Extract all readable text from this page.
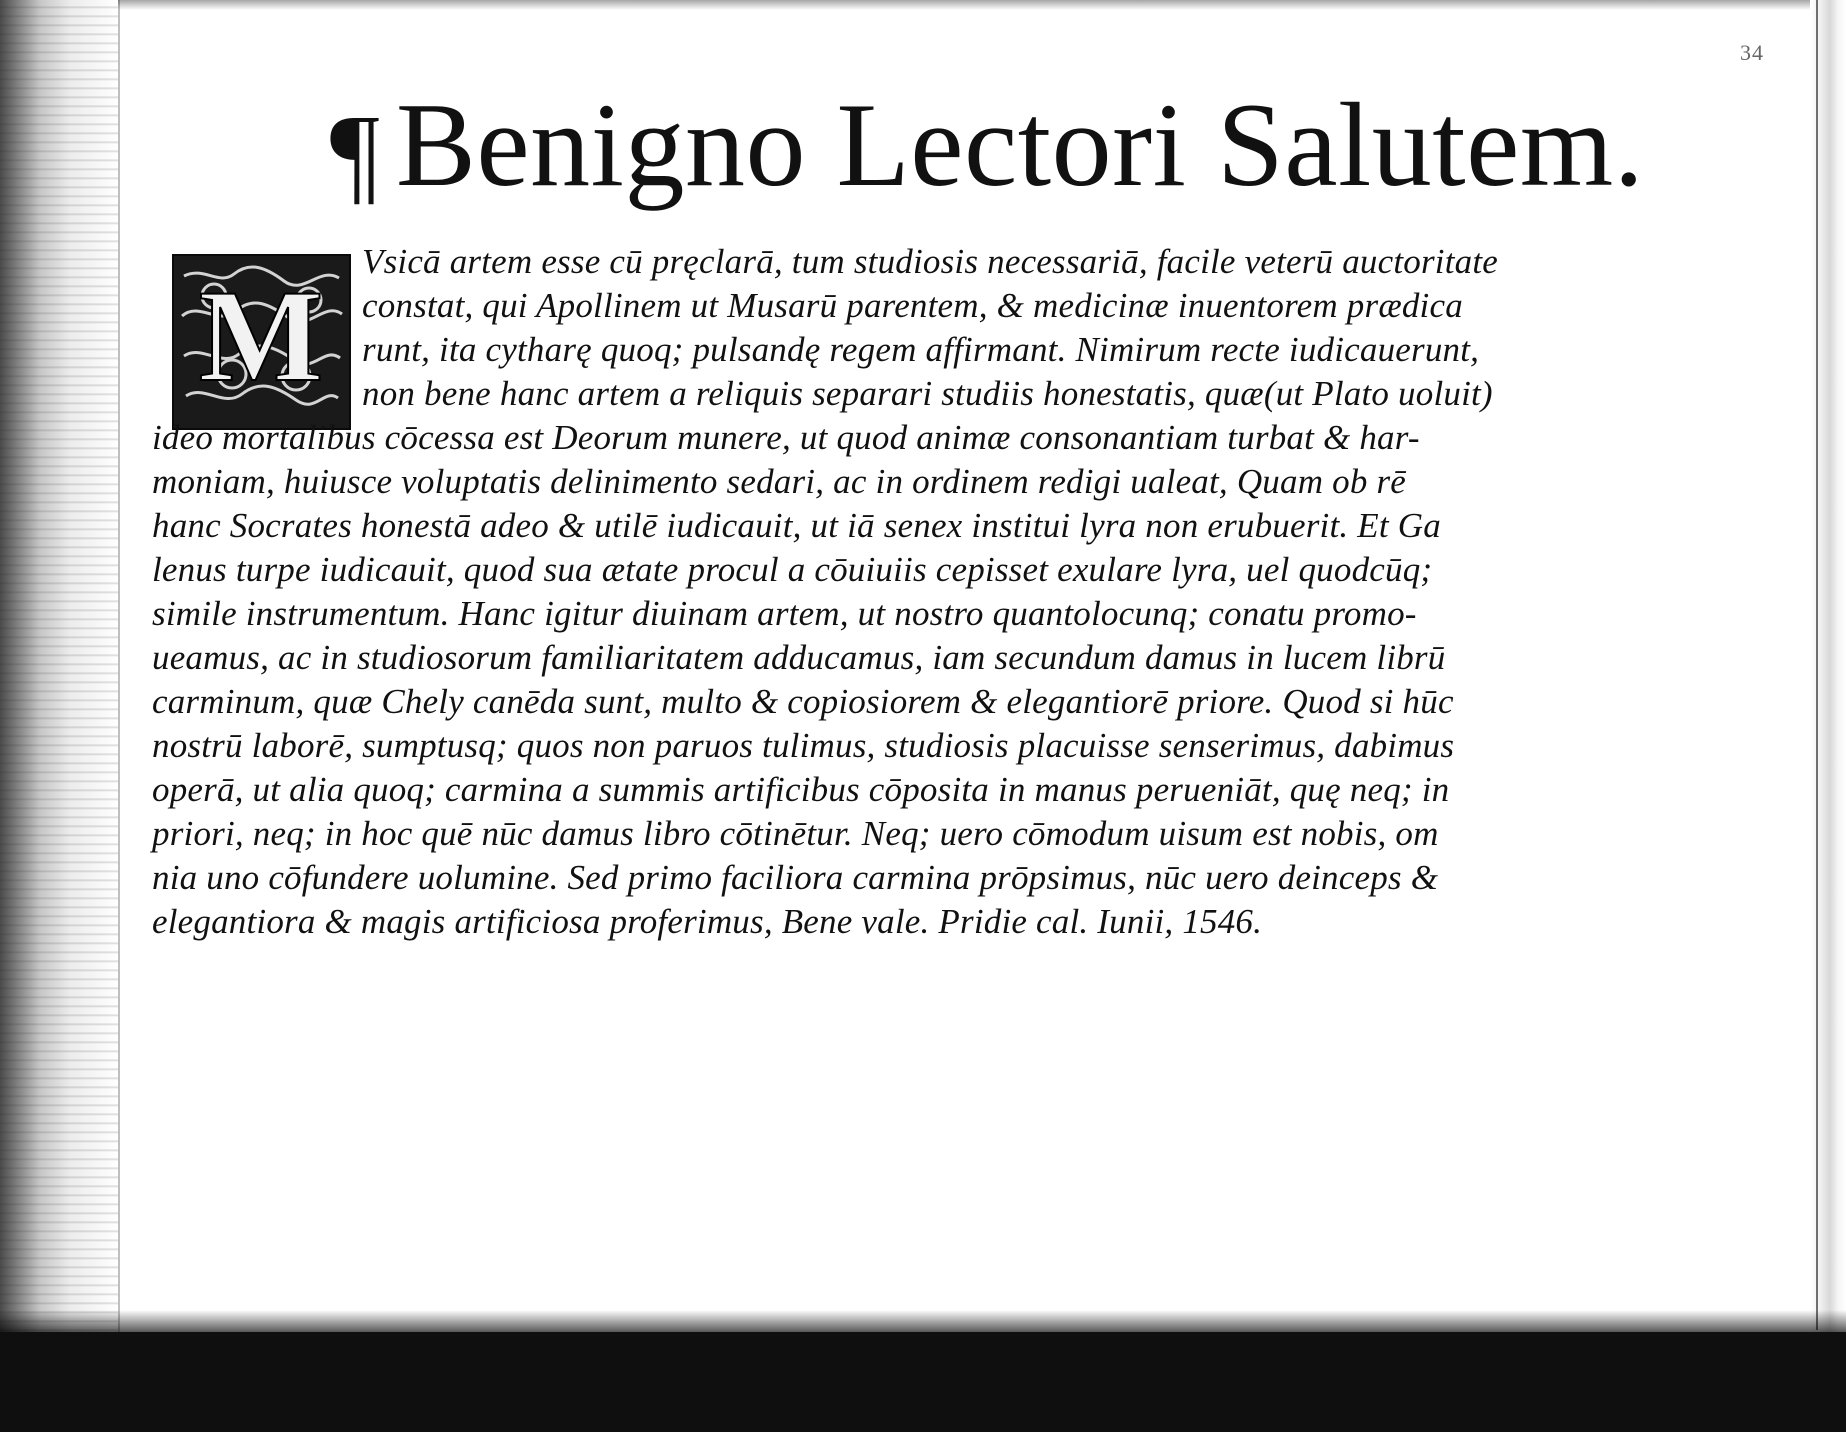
34
¶ Benigno Lectori Salutem.
M
Vsicā artem esse cū pręclarā, tum studiosis necessariā, facile veterū auctoritate
constat, qui Apollinem ut Musarū parentem, & medicinæ inuentorem prædica
runt, ita cytharę quoq; pulsandę regem affirmant. Nimirum recte iudicauerunt,
non bene hanc artem a reliquis separari studiis honestatis, quæ(ut Plato uoluit)
ideo mortalibus cōcessa est Deorum munere, ut quod animæ consonantiam turbat & har-
moniam, huiusce voluptatis delinimento sedari, ac in ordinem redigi ualeat, Quam ob rē
hanc Socrates honestā adeo & utilē iudicauit, ut iā senex institui lyra non erubuerit. Et Ga
lenus turpe iudicauit, quod sua ætate procul a cōuiuiis cepisset exulare lyra, uel quodcūq;
simile instrumentum. Hanc igitur diuinam artem, ut nostro quantolocunq; conatu promo-
ueamus, ac in studiosorum familiaritatem adducamus, iam secundum damus in lucem librū
carminum, quæ Chely canēda sunt, multo & copiosiorem & elegantiorē priore. Quod si hūc
nostrū laborē, sumptusq; quos non paruos tulimus, studiosis placuisse senserimus, dabimus
operā, ut alia quoq; carmina a summis artificibus cōposita in manus perueniāt, quę neq; in
priori, neq; in hoc quē nūc damus libro cōtinētur. Neq; uero cōmodum uisum est nobis, om
nia uno cōfundere uolumine. Sed primo faciliora carmina prōpsimus, nūc uero deinceps &
elegantiora & magis artificiosa proferimus, Bene vale. Pridie cal. Iunii, 1546.
